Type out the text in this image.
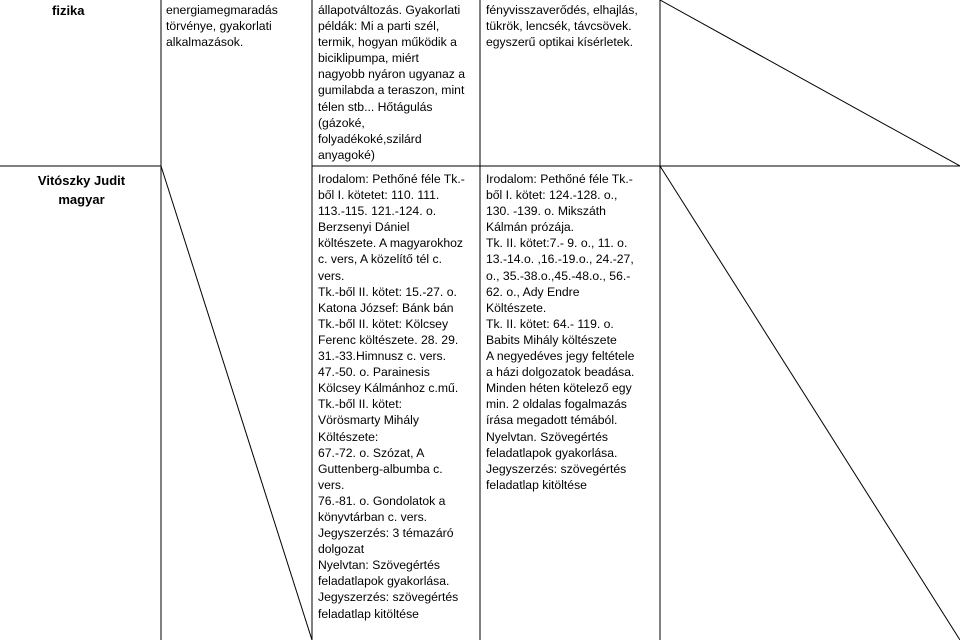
fizika	energiamegmaradás
törvénye, gyakorlati
alkalmazások.
állapotváltozás. Gyakorlati
példák: Mi a parti szél,
termik, hogyan működik a
biciklipumpa, miért
nagyobb nyáron ugyanaz a
gumilabda a teraszon, mint
télen stb... Hőtágulás
(gázoké,
folyadékoké,szilárd
anyagoké)
fényvisszaverődés, elhajlás,
tükrök, lencsék, távcsövek.
egyszerű optikai kísérletek.
Vitószky Judit
magyar
Irodalom: Pethőné féle Tk.-
ből I. kötetet: 110. 111.
113.-115. 121.-124. o.
Berzsenyi Dániel
költészete. A magyarokhoz
c. vers, A közelítő tél c.
vers.
Tk.-ből II. kötet: 15.-27. o.
Katona József: Bánk bán
Tk.-ből II. kötet: Kölcsey
Ferenc költészete. 28. 29.
31.-33.Himnusz c. vers.
47.-50. o. Parainesis
Kölcsey Kálmánhoz c.mű.
Tk.-ből II. kötet:
Vörösmarty Mihály
Költészete:
67.-72. o. Szózat, A
Guttenberg-albumba c.
vers.
76.-81. o. Gondolatok a
könyvtárban c. vers.
Jegyszerzés: 3 témazáró
dolgozat
Nyelvtan: Szövegértés
feladatlapok gyakorlása.
Jegyszerzés: szövegértés
feladatlap kitöltése
Irodalom: Pethőné féle Tk.-
ből I. kötet: 124.-128. o.,
130. -139. o. Mikszáth
Kálmán prózája.
Tk. II. kötet:7.- 9. o., 11. o.
13.-14.o. ,16.-19.o., 24.-27,
o., 35.-38.o.,45.-48.o., 56.-
62. o., Ady Endre
Költészete.
Tk. II. kötet: 64.- 119. o.
Babits Mihály költészete
A negyedéves jegy feltétele
a házi dolgozatok beadása.
Minden héten kötelező egy
min. 2 oldalas fogalmazás
írása megadott témából.
Nyelvtan. Szövegértés
feladatlapok gyakorlása.
Jegyszerzés: szövegértés
feladatlap kitöltése
